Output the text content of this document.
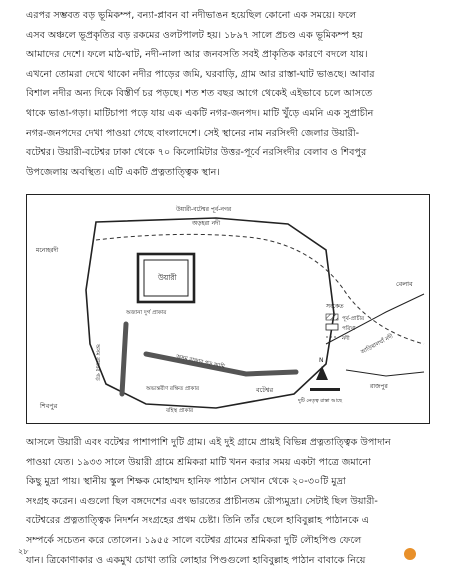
এরপর সম্ভবত বড় ভূমিকম্প, বন্যা-প্লাবন বা নদীভাঙন হয়েছিল কোনো এক সময়ে। ফলে
এসব অঞ্চলে ভূপ্রকৃতির বড় রকমের ওলটপালট হয়। ১৮৯৭ সালে প্রচণ্ড এক ভূমিকম্প হয়
আমাদের দেশে। ফলে মাঠ-ঘাট, নদী-নালা আর জনবসতি সবই প্রাকৃতিক কারণে বদলে যায়।
এখনো তোমরা দেখে থাকো নদীর পাড়ের জমি, ঘরবাড়ি, গ্রাম আর রাস্তা-ঘাট ভাঙছে। আবার
বিশাল নদীর অন্য দিকে বিস্তীর্ণ চর পড়ছে। শত শত বছর আগে থেকেই এইভাবে চলে আসতে
থাকে ভাঙা-গড়া। মাটিচাপা পড়ে যায় এক একটি নগর-জনপদ। মাটি খুঁড়ে এমনি এক সুপ্রাচীন
নগর-জনপদের দেখা পাওয়া গেছে বাংলাদেশে। সেই স্থানের নাম নরসিংদী জেলার উয়ারী-
বটেশ্বর। উয়ারী-বটেশ্বর ঢাকা থেকে ৭০ কিলোমিটার উত্তর-পূর্বে নরসিংদীর বেলাব ও শিবপুর
উপজেলায় অবস্থিত। এটি একটি প্রত্নতাত্ত্বিক স্থান।
উয়ারী-বটেশ্বর পূর্ব-নগর
অড়হরা নদী
মনোহরদী
উয়ারী
অজানা দুর্গ প্রাকার
অভ্যন্তরীণ রক্ষিত প্রাকার
বহিস্থ প্রাকার
বটেশ্বর
অসম রাজার গড়	অসম রাজার গড় আমি
বেলাব
শিবপুর
আড়িয়ালখাঁ নদী
রাজপুর
N
দুটি নেতৃত্ব রাস্তা আছে
সংকেত
পূর্ব-প্রাচীর
পরিখা
নদী
আসলে উয়ারী এবং বটেশ্বর পাশাপাশি দুটি গ্রাম। এই দুই গ্রামে প্রায়ই বিভিন্ন প্রত্নতাত্ত্বিক উপাদান
পাওয়া যেত। ১৯৩৩ সালে উয়ারী গ্রামে শ্রমিকরা মাটি খনন করার সময় একটা পাত্রে জমানো
কিছু মুদ্রা পায়। স্থানীয় স্কুল শিক্ষক মোহাম্মদ হানিফ পাঠান সেখান থেকে ২০-৩০টি মুদ্রা
সংগ্রহ করেন। এগুলো ছিল বঙ্গদেশের এবং ভারতের প্রাচীনতম রৌপ্যমুদ্রা। সেটাই ছিল উয়ারী-
বটেশ্বরের প্রত্নতাত্ত্বিক নিদর্শন সংগ্রহের প্রথম চেষ্টা। তিনি তাঁর ছেলে হাবিবুল্লাহ পাঠানকে এ
সম্পর্কে সচেতন করে তোলেন। ১৯৫৫ সালে বটেশ্বর গ্রামের শ্রমিকরা দুটি লৌহপিণ্ড ফেলে
যান। ত্রিকোণাকার ও একমুখ চোখা তারি লোহার পিণ্ডগুলো হাবিবুল্লাহ পাঠান বাবাকে নিয়ে
২৮
